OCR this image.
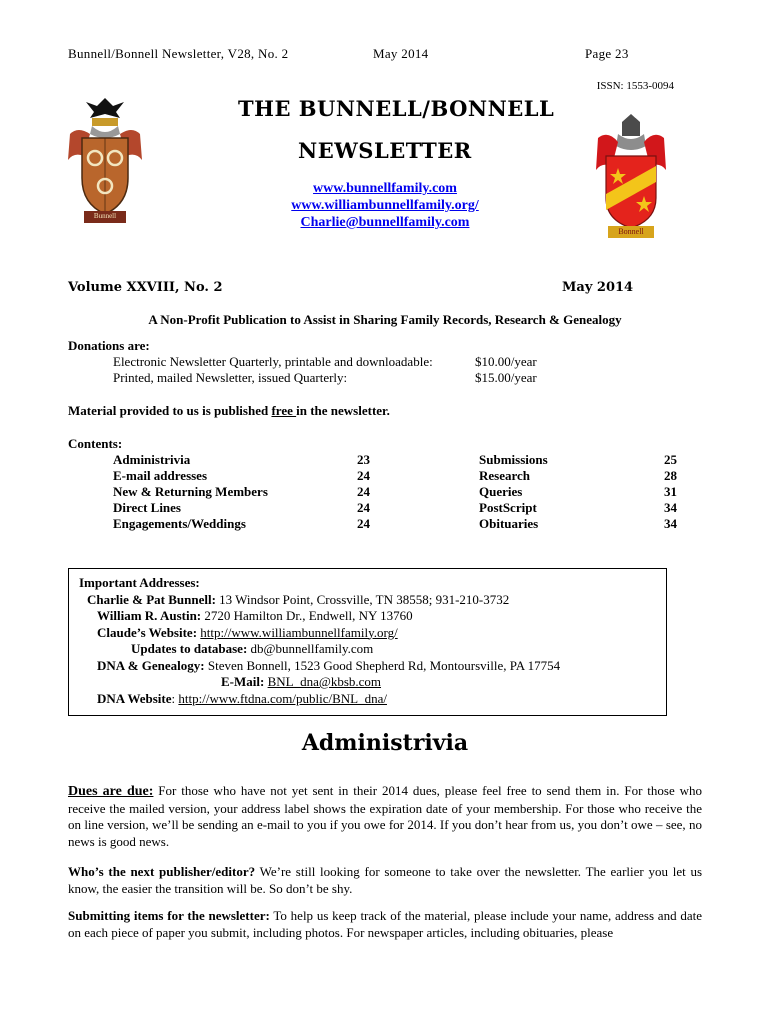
Bunnell/Bonnell Newsletter, V28, No. 2	May 2014	Page 23
ISSN: 1553-0094
Bunnell
THE BUNNELL/BONNELL
NEWSLETTER
Bonnell
www.bunnellfamily.com
www.williambunnellfamily.org/
Charlie@bunnellfamily.com
Volume XXVIII, No. 2	May 2014
A Non-Profit Publication to Assist in Sharing Family Records, Research & Genealogy
Donations are:
Electronic Newsletter Quarterly, printable and downloadable:	$10.00/year
Printed, mailed Newsletter, issued Quarterly:	$15.00/year
Material provided to us is published free in the newsletter.
Contents:
Administrivia	23	Submissions	25
E-mail addresses	24	Research	28
New & Returning Members	24	Queries	31
Direct Lines	24	PostScript	34
Engagements/Weddings	24	Obituaries	34
Important Addresses:
Charlie & Pat Bunnell: 13 Windsor Point, Crossville, TN 38558; 931-210-3732
William R. Austin: 2720 Hamilton Dr., Endwell, NY 13760
Claude’s Website: http://www.williambunnellfamily.org/
Updates to database: db@bunnellfamily.com
DNA & Genealogy: Steven Bonnell, 1523 Good Shepherd Rd, Montoursville, PA 17754
E-Mail: BNL_dna@kbsb.com
DNA Website: http://www.ftdna.com/public/BNL_dna/
Administrivia
Dues are due: For those who have not yet sent in their 2014 dues, please feel free to send them in. For those who receive the mailed version, your address label shows the expiration date of your membership. For those who receive the on line version, we’ll be sending an e-mail to you if you owe for 2014. If you don’t hear from us, you don’t owe – see, no news is good news.
Who’s the next publisher/editor? We’re still looking for someone to take over the newsletter. The earlier you let us know, the easier the transition will be. So don’t be shy.
Submitting items for the newsletter: To help us keep track of the material, please include your name, address and date on each piece of paper you submit, including photos. For newspaper articles, including obituaries, please
